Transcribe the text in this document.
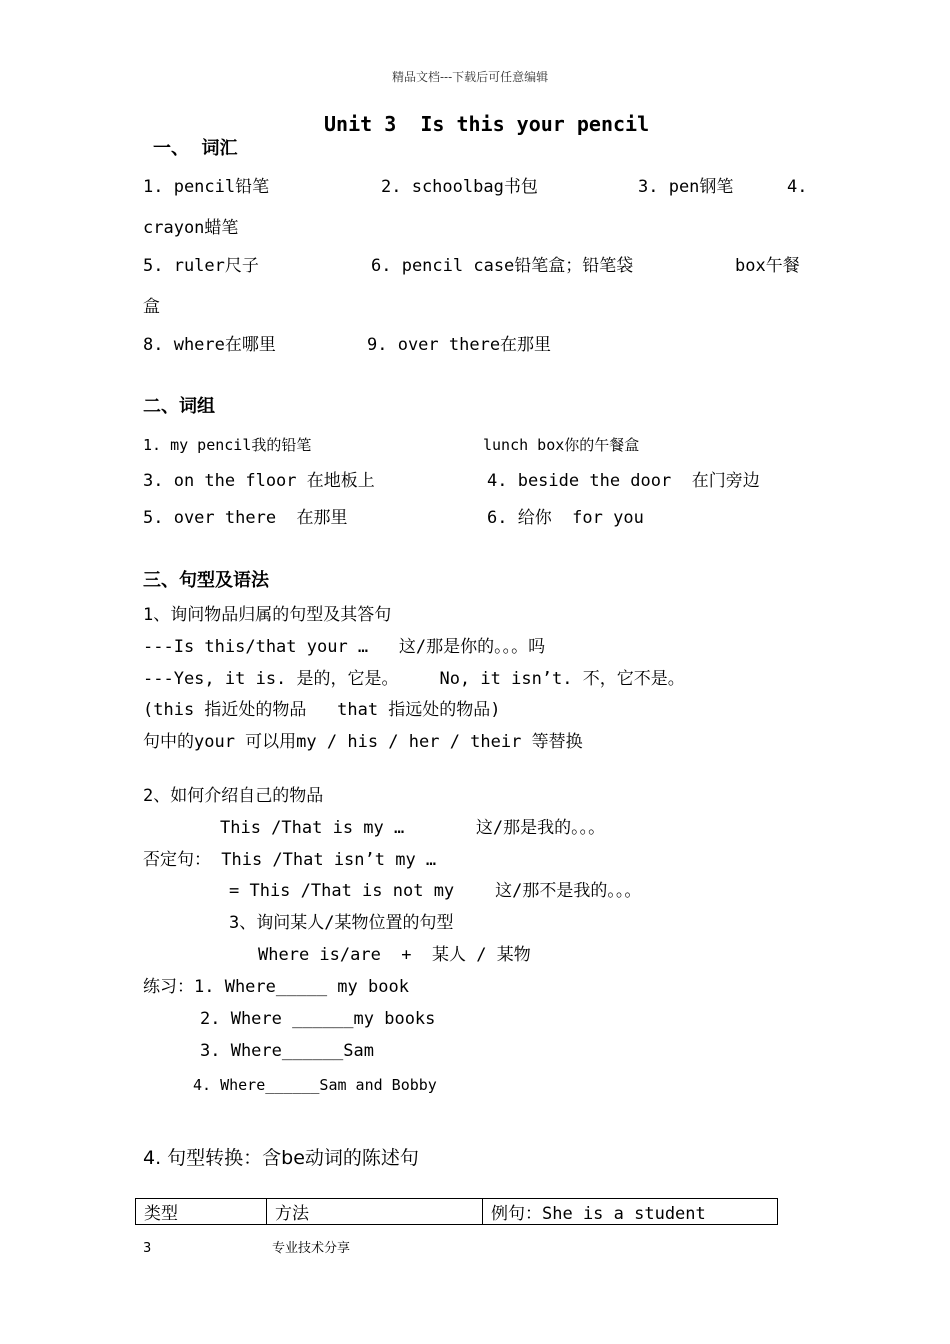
精品文档---下载后可任意编辑
Unit 3  Is this your pencil
一、  词汇
1. pencil铅笔	2. schoolbag书包	3. pen钢笔	4.
crayon蜡笔
5. ruler尺子	6. pencil case铅笔盒；铅笔袋	box午餐
盒
8. where在哪里	9. over there在那里
二、词组
1. my pencil我的铅笔	lunch box你的午餐盒
3. on the floor 在地板上	4. beside the door  在门旁边
5. over there  在那里	6. 给你  for you
三、句型及语法
1、询问物品归属的句型及其答句
---Is this/that your …   这/那是你的。。。吗
---Yes, it is. 是的，它是。    No, it isn’t. 不，它不是。
(this 指近处的物品   that 指远处的物品)
句中的your 可以用my / his / her / their 等替换
2、如何介绍自己的物品
This /That is my …       这/那是我的。。。
否定句： This /That isn’t my …
= This /That is not my    这/那不是我的。。。
3、询问某人/某物位置的句型
Where is/are  +  某人 / 某物
练习：1. Where_____ my book
2. Where ______my books
3. Where______Sam
4. Where______Sam and Bobby
4. 句型转换：含be动词的陈述句
类型	方法	例句：She is a student
3	专业技术分享
